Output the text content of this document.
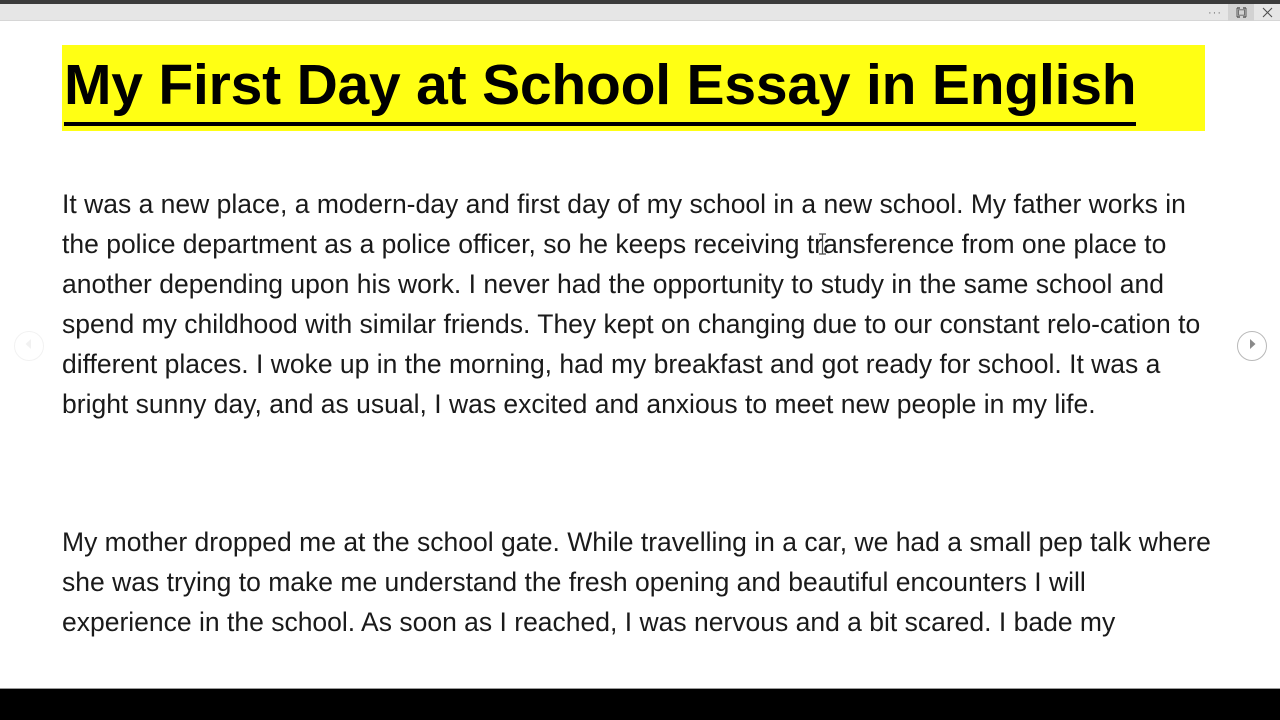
···
My First Day at School Essay in English

It was a new place, a modern-day and first day of my school in a new school. My father works in the police department as a police officer, so he keeps receiving transference from one place to another depending upon his work. I never had the opportunity to study in the same school and spend my childhood with similar friends. They kept on changing due to our constant relo-cation to different places. I woke up in the morning, had my breakfast and got ready for school. It was a bright sunny day, and as usual, I was excited and anxious to meet new people in my life.

My mother dropped me at the school gate. While travelling in a car, we had a small pep talk where she was trying to make me understand the fresh opening and beautiful encounters I will experience in the school. As soon as I reached, I was nervous and a bit scared. I bade my
